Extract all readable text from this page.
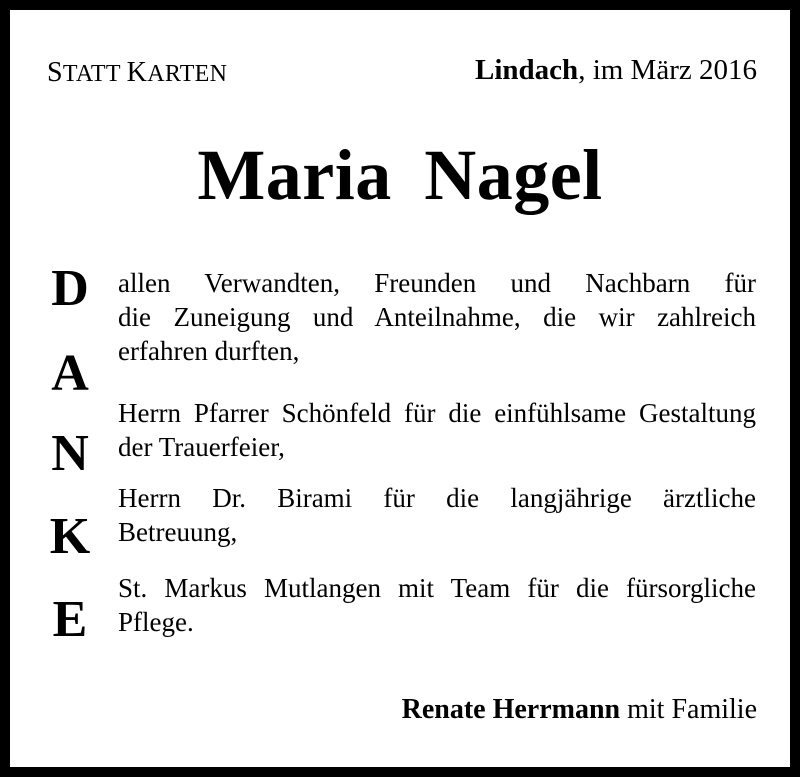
STATT KARTEN	Lindach, im März 2016
Maria Nagel
D
A
N
K
E
allen Verwandten, Freunden und Nachbarn für
die Zuneigung und Anteilnahme, die wir zahlreich
erfahren durften,
Herrn Pfarrer Schönfeld für die einfühlsame Gestaltung
der Trauerfeier,
Herrn Dr. Birami für die langjährige ärztliche
Betreuung,
St. Markus Mutlangen mit Team für die fürsorgliche
Pflege.
Renate Herrmann mit Familie
